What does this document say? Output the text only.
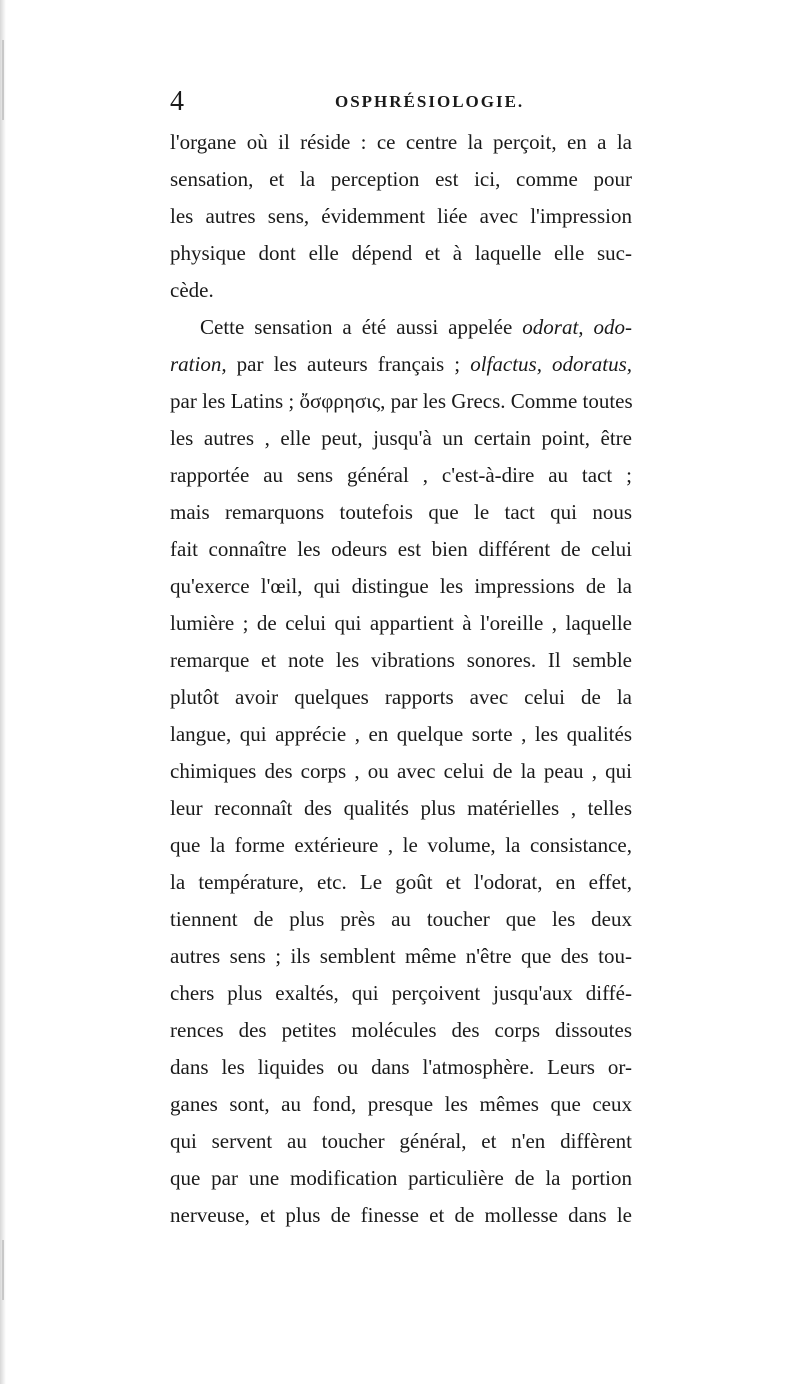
4	OSPHRÉSIOLOGIE.
l'organe où il réside : ce centre la perçoit, en a la
sensation, et la perception est ici, comme pour
les autres sens, évidemment liée avec l'impression
physique dont elle dépend et à laquelle elle suc-
cède.
Cette sensation a été aussi appelée odorat, odo-
ration, par les auteurs français ; olfactus, odoratus,
par les Latins ; ὄσφρησις, par les Grecs. Comme toutes
les autres , elle peut, jusqu'à un certain point, être
rapportée au sens général , c'est-à-dire au tact ;
mais remarquons toutefois que le tact qui nous
fait connaître les odeurs est bien différent de celui
qu'exerce l'œil, qui distingue les impressions de la
lumière ; de celui qui appartient à l'oreille , laquelle
remarque et note les vibrations sonores. Il semble
plutôt avoir quelques rapports avec celui de la
langue, qui apprécie , en quelque sorte , les qualités
chimiques des corps , ou avec celui de la peau , qui
leur reconnaît des qualités plus matérielles , telles
que la forme extérieure , le volume, la consistance,
la température, etc. Le goût et l'odorat, en effet,
tiennent de plus près au toucher que les deux
autres sens ; ils semblent même n'être que des tou-
chers plus exaltés, qui perçoivent jusqu'aux diffé-
rences des petites molécules des corps dissoutes
dans les liquides ou dans l'atmosphère. Leurs or-
ganes sont, au fond, presque les mêmes que ceux
qui servent au toucher général, et n'en diffèrent
que par une modification particulière de la portion
nerveuse, et plus de finesse et de mollesse dans le
